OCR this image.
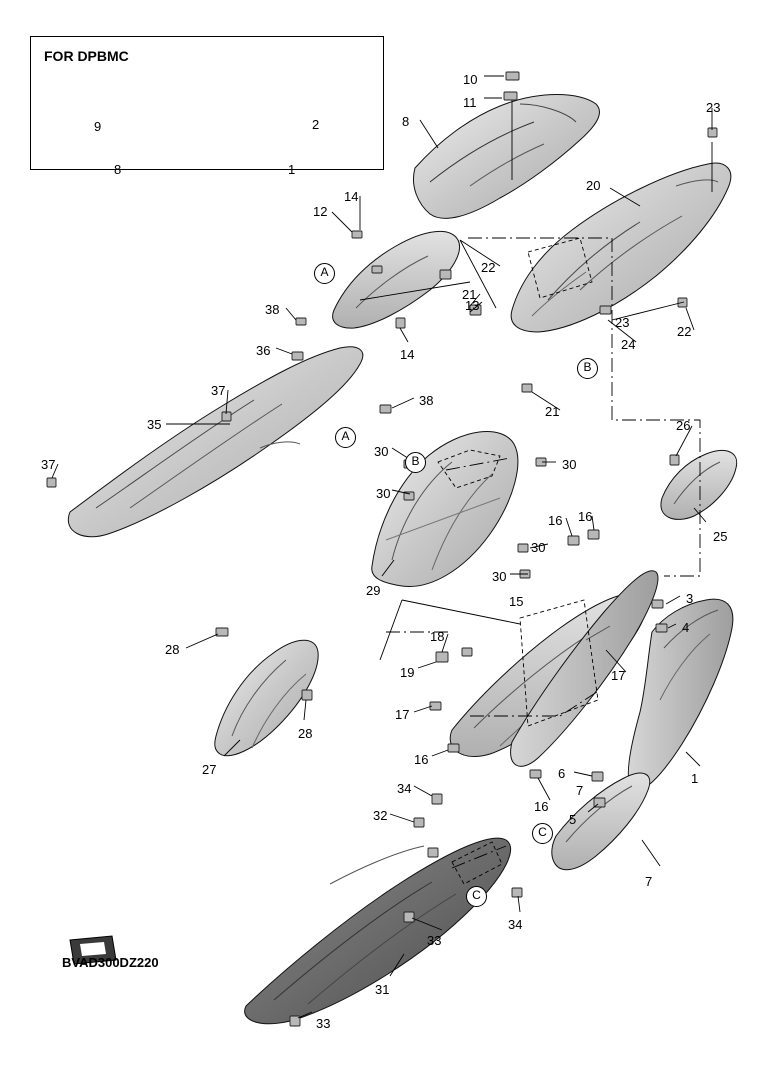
FOR DPBMC
9	2
8	1
A
A
B
B
C
C
10
11
8
23
20
14
12
22
21
13
23
22
24
14
38
36
37
38
21
35
37
26
30
30
30
16 16
25
30
30
29
15	3
4
18
28
19	17
28
17
16
1
6
27
16
7
5
34
32
7
34
33
31
33
BVAD300DZ220
